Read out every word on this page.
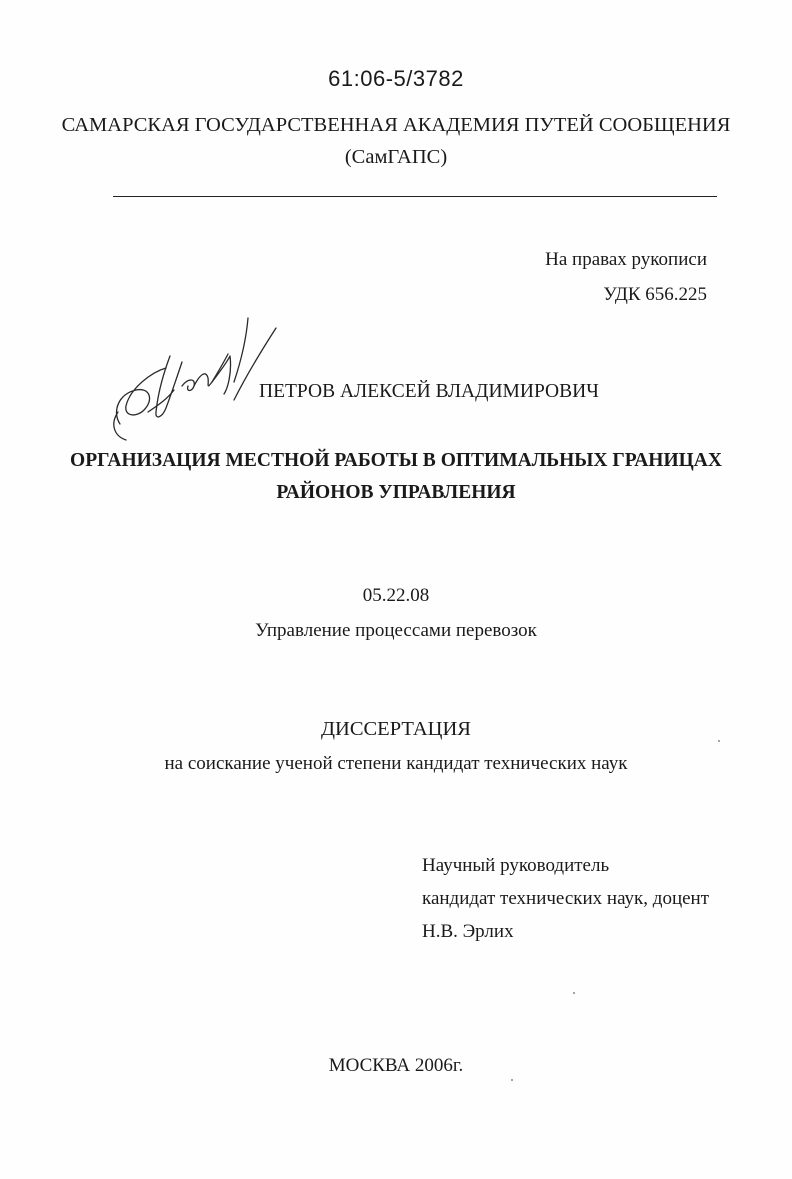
61:06-5/3782
САМАРСКАЯ ГОСУДАРСТВЕННАЯ АКАДЕМИЯ ПУТЕЙ СООБЩЕНИЯ
(СамГАПС)
На правах рукописи
УДК 656.225
ПЕТРОВ АЛЕКСЕЙ ВЛАДИМИРОВИЧ
ОРГАНИЗАЦИЯ МЕСТНОЙ РАБОТЫ В ОПТИМАЛЬНЫХ ГРАНИЦАХ
РАЙОНОВ УПРАВЛЕНИЯ
05.22.08
Управление процессами перевозок
ДИССЕРТАЦИЯ
на соискание ученой степени кандидат технических наук
Научный руководитель
кандидат технических наук, доцент
Н.В. Эрлих
МОСКВА 2006г.
